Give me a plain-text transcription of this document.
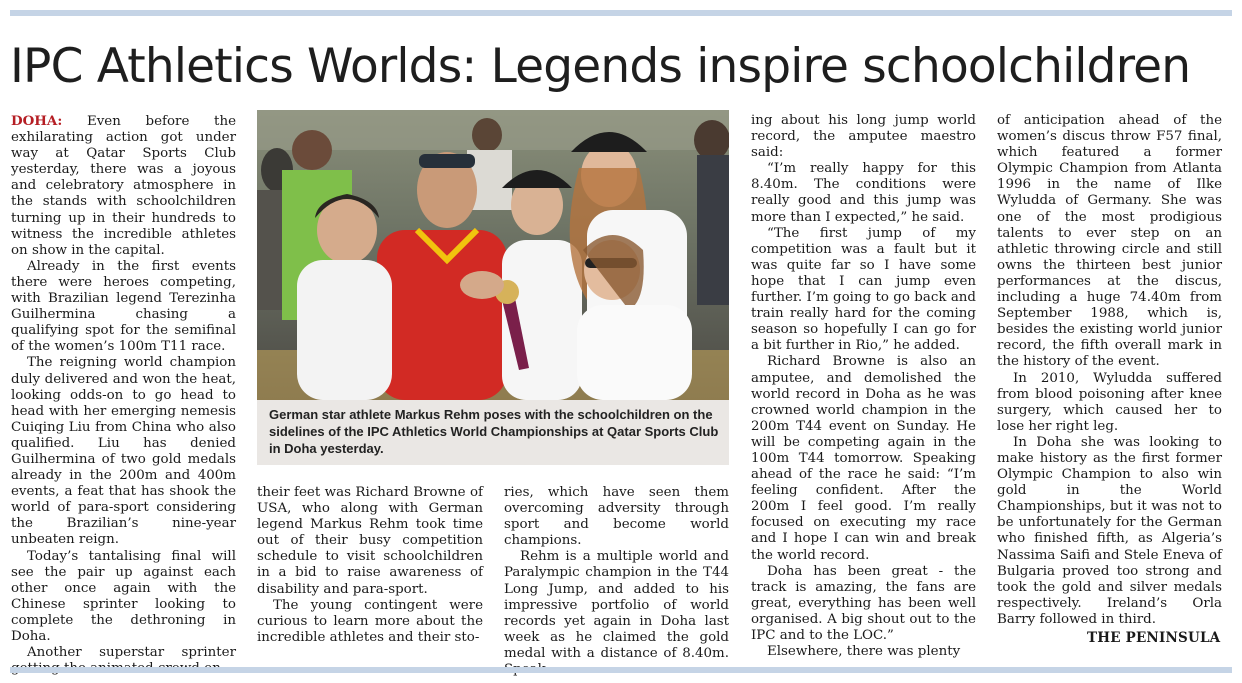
IPC Athletics Worlds: Legends inspire schoolchildren

DOHA: Even before the exhilarating action got under way at Qatar Sports Club yesterday, there was a joyous and celebratory atmosphere in the stands with schoolchildren turning up in their hundreds to witness the incredible athletes on show in the capital.

Already in the first events there were heroes competing, with Brazilian legend Terezinha Guilhermina chasing a qualifying spot for the semifinal of the women’s 100m T11 race.

The reigning world champion duly delivered and won the heat, looking odds-on to go head to head with her emerging nemesis Cuiqing Liu from China who also qualified. Liu has denied Guilhermina of two gold medals already in the 200m and 400m events, a feat that has shook the world of para-sport considering the Brazilian’s nine-year unbeaten reign.

Today’s tantalising final will see the pair up against each other once again with the Chinese sprinter looking to complete the dethroning in Doha.

Another superstar sprinter

German star athlete Markus Rehm poses with the schoolchildren on the sidelines of the IPC Athletics World Championships at Qatar Sports Club in Doha yesterday.

their feet was Richard Browne of USA, who along with German legend Markus Rehm took time out of their busy competition schedule to visit schoolchildren in a bid to raise awareness of disability and para-sport.

The young contingent were curious to learn more about the incredible athletes and their sto-

ries, which have seen them overcoming adversity through sport and become world champions.

Rehm is a multiple world and Paralympic champion in the T44 Long Jump, and added to his impressive portfolio of world records yet again in Doha last week as he claimed the gold medal with a distance of 8.40m.

ing about his long jump world record, the amputee maestro said:

“I’m really happy for this 8.40m. The conditions were really good and this jump was more than I expected,” he said.

“The first jump of my competition was a fault but it was quite far so I have some hope that I can jump even further. I’m going to go back and train really hard for the coming season so hopefully I can go for a bit further in Rio,” he added.

Richard Browne is also an amputee, and demolished the world record in Doha as he was crowned world champion in the 200m T44 event on Sunday. He will be competing again in the 100m T44 tomorrow. Speaking ahead of the race he said: “I’m feeling confident. After the 200m I feel good. I’m really focused on executing my race and I hope I can win and break the world record.

Doha has been great - the track is amazing, the fans are great, everything has been well organised. A big shout out to the IPC and to the LOC.”

Elsewhere, there was plenty

of anticipation ahead of the women’s discus throw F57 final, which featured a former Olympic Champion from Atlanta 1996 in the name of Ilke Wyludda of Germany. She was one of the most prodigious talents to ever step on an athletic throwing circle and still owns the thirteen best junior performances at the discus, including a huge 74.40m from September 1988, which is, besides the existing world junior record, the fifth overall mark in the history of the event.

In 2010, Wyludda suffered from blood poisoning after knee surgery, which caused her to lose her right leg.

In Doha she was looking to make history as the first former Olympic Champion to also win gold in the World Championships, but it was not to be unfortunately for the German who finished fifth, as Algeria’s Nassima Saifi and Stele Eneva of Bulgaria proved too strong and took the gold and silver medals respectively. Ireland’s Orla Barry followed in third.

THE PENINSULA
